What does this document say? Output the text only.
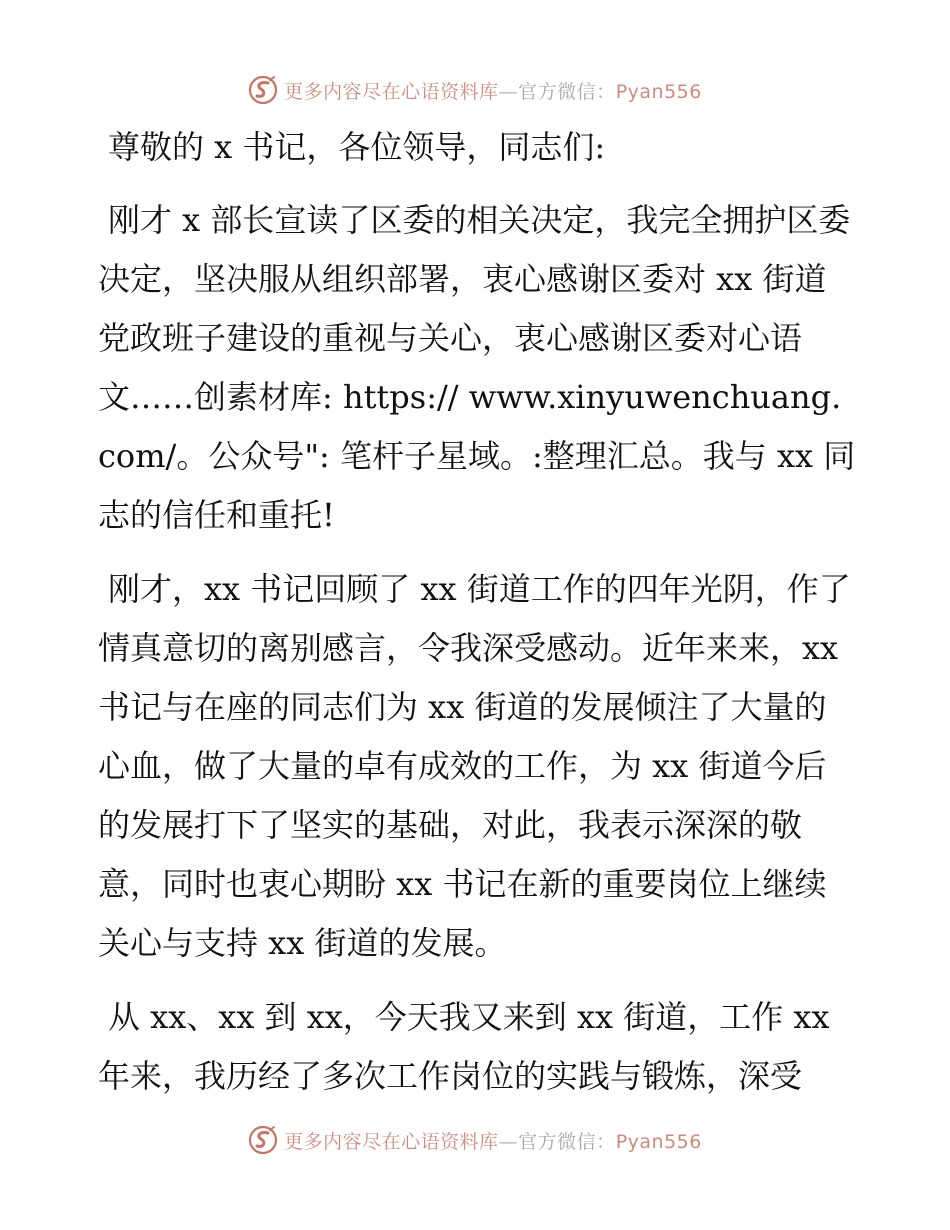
更多内容尽在心语资料库—官方微信：Pyan556

尊敬的 x 书记，各位领导，同志们:

刚才 x 部长宣读了区委的相关决定，我完全拥护区委决定，坚决服从组织部署，衷心感谢区委对 xx 街道党政班子建设的重视与关心，衷心感谢区委对心语文……创素材库: https:// www.xinyuwenchuang.com/。公众号": 笔杆子星域。:整理汇总。我与 xx 同志的信任和重托!

刚才，xx 书记回顾了 xx 街道工作的四年光阴，作了情真意切的离别感言，令我深受感动。近年来来，xx 书记与在座的同志们为 xx 街道的发展倾注了大量的心血，做了大量的卓有成效的工作，为 xx 街道今后的发展打下了坚实的基础，对此，我表示深深的敬意，同时也衷心期盼 xx 书记在新的重要岗位上继续关心与支持 xx 街道的发展。

从 xx、xx 到 xx，今天我又来到 xx 街道，工作 xx 年来，我历经了多次工作岗位的实践与锻炼，深受

更多内容尽在心语资料库—官方微信：Pyan556
